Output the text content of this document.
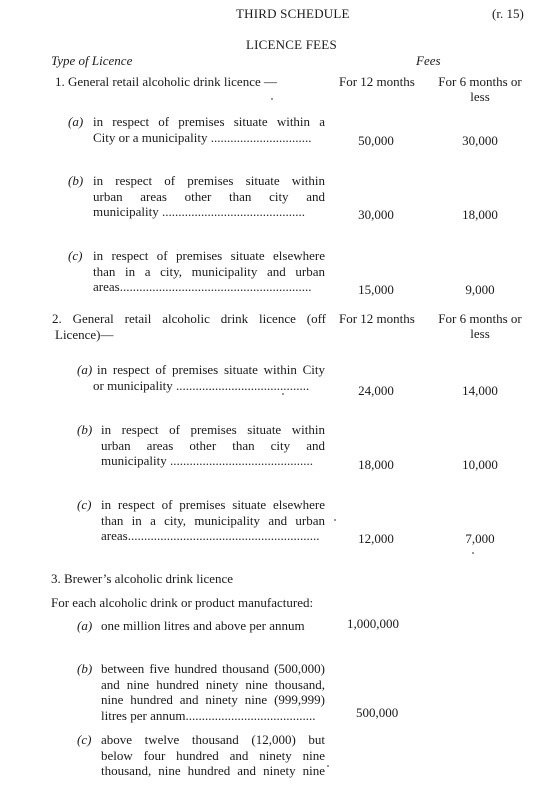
THIRD SCHEDULE	(r. 15)
LICENCE FEES
Type of Licence	Fees
1. General retail alcoholic drink licence —	For 12 months	For 6 months or
less
(a) in respect of premises situate within a
City or a municipality ...............................	50,000	30,000
(b) in respect of premises situate within
urban areas other than city and
municipality ............................................	30,000	18,000
(c) in respect of premises situate elsewhere
than in a city, municipality and urban
areas...........................................................	15,000	9,000
2. General retail alcoholic drink licence (off
Licence)—
For 12 months	For 6 months or
less
(a) in respect of premises situate within City
or municipality .........................................	24,000	14,000
(b) in respect of premises situate within
urban areas other than city and
municipality ............................................	18,000	10,000
(c) in respect of premises situate elsewhere
than in a city, municipality and urban
areas...........................................................	12,000	7,000
3. Brewer’s alcoholic drink licence
For each alcoholic drink or product manufactured:
(a) one million litres and above per annum	1,000,000
(b) between five hundred thousand (500,000)
and nine hundred ninety nine thousand,
nine hundred and ninety nine (999,999)
litres per annum........................................	500,000
(c) above twelve thousand (12,000) but
below four hundred and ninety nine
thousand, nine hundred and ninety nine
